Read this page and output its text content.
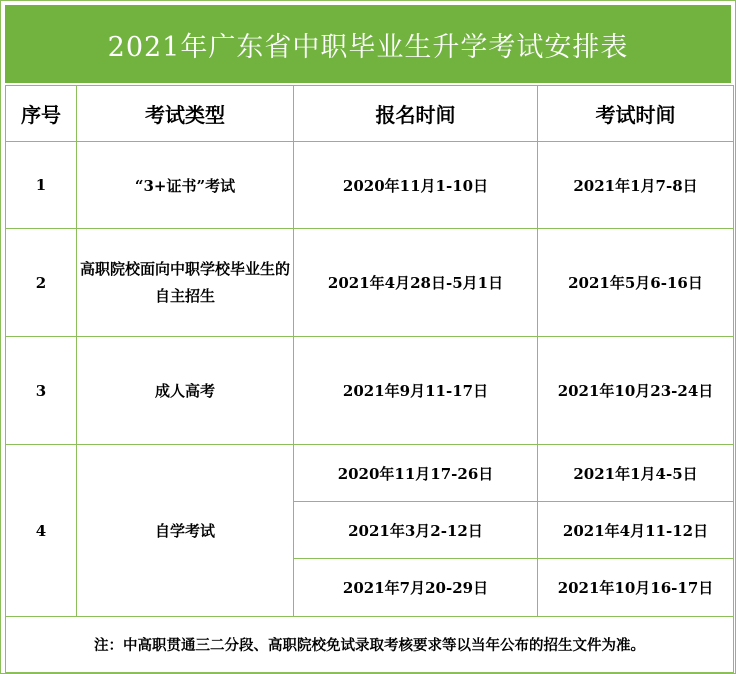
2021年广东省中职毕业生升学考试安排表
序号	考试类型	报名时间	考试时间
1	“3+证书”考试	2020年11月1-10日	2021年1月7-8日
2	高职院校面向中职学校毕业生的自主招生	2021年4月28日-5月1日	2021年5月6-16日
3	成人高考	2021年9月11-17日	2021年10月23-24日
4	自学考试	2020年11月17-26日	2021年1月4-5日
		2021年3月2-12日	2021年4月11-12日
		2021年7月20-29日	2021年10月16-17日
注：中高职贯通三二分段、高职院校免试录取考核要求等以当年公布的招生文件为准。			
